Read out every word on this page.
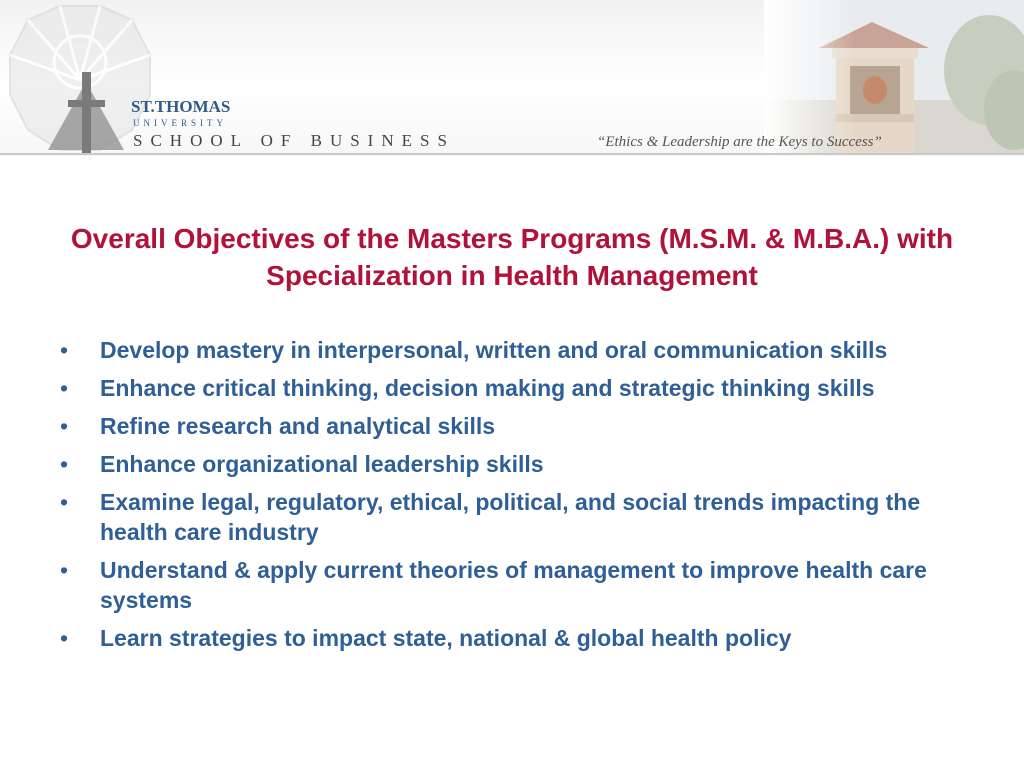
ST.THOMAS
UNIVERSITY
SCHOOL OF BUSINESS	“Ethics & Leadership are the Keys to Success”
Overall Objectives of the Masters Programs (M.S.M. & M.B.A.) with Specialization in Health Management
•	Develop mastery in interpersonal, written and oral communication skills
•	Enhance critical thinking, decision making and strategic thinking skills
•	Refine research and analytical skills
•	Enhance organizational leadership skills
•	Examine legal, regulatory, ethical, political, and social trends impacting the health care industry
•	Understand & apply current theories of management to improve health care systems
•	Learn strategies to impact state, national & global health policy
